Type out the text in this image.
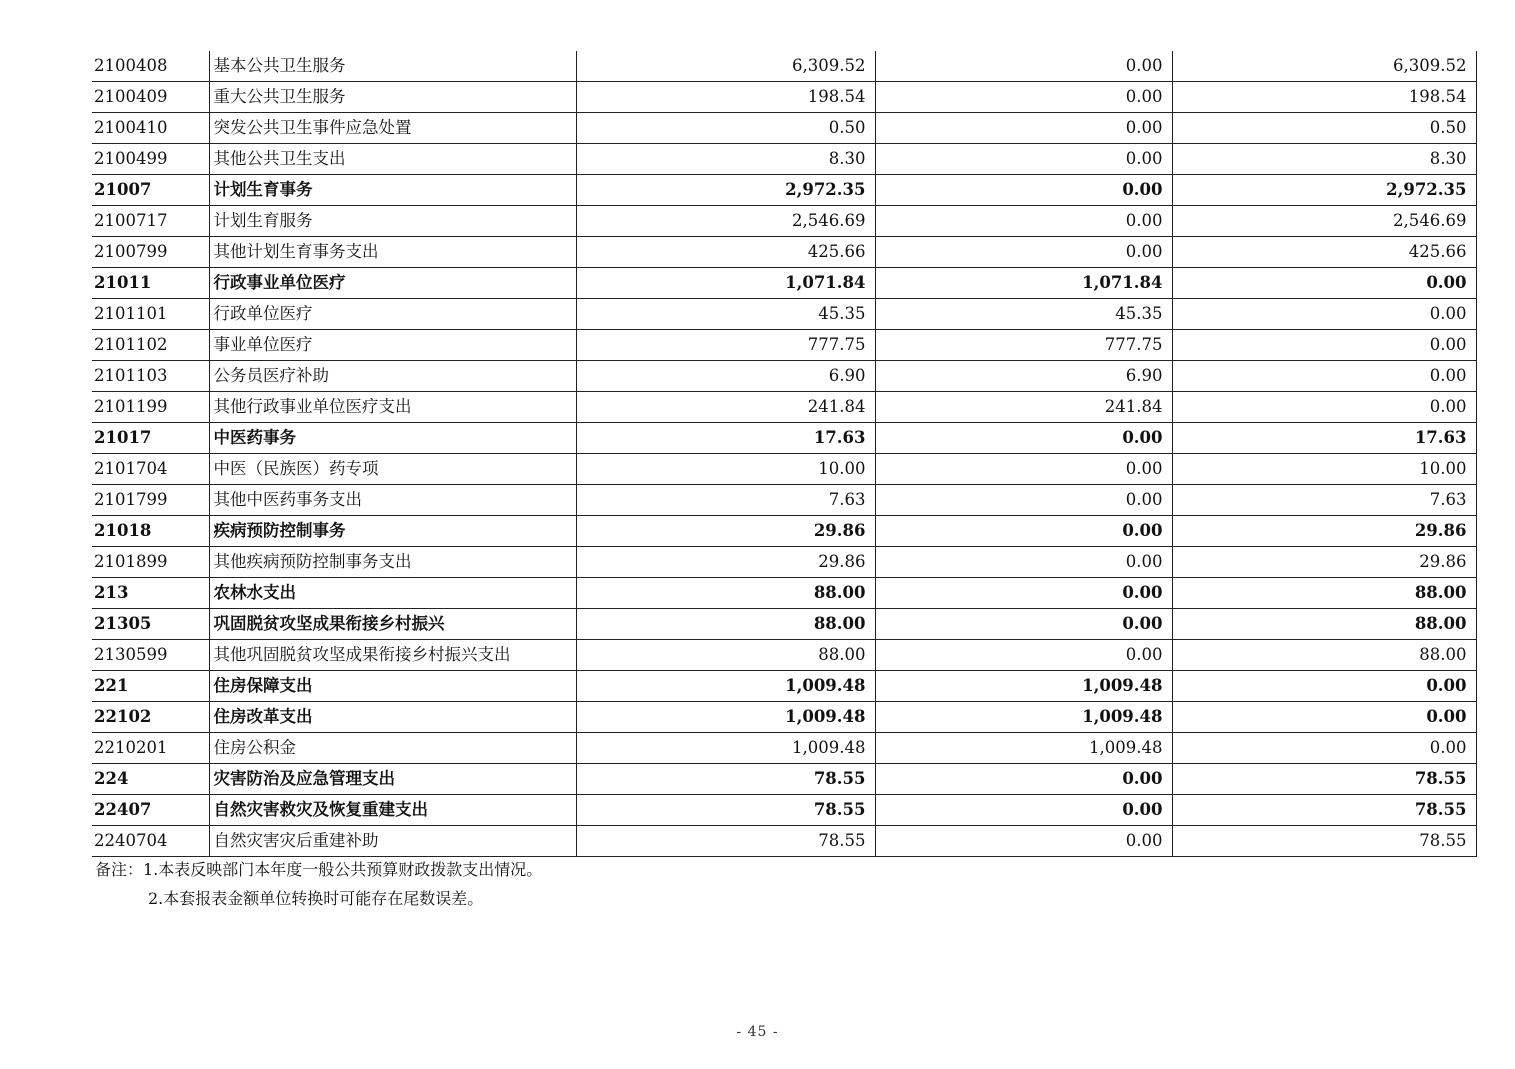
2100408	基本公共卫生服务	6,309.52	0.00	6,309.52
2100409	重大公共卫生服务	198.54	0.00	198.54
2100410	突发公共卫生事件应急处置	0.50	0.00	0.50
2100499	其他公共卫生支出	8.30	0.00	8.30
21007	计划生育事务	2,972.35	0.00	2,972.35
2100717	计划生育服务	2,546.69	0.00	2,546.69
2100799	其他计划生育事务支出	425.66	0.00	425.66
21011	行政事业单位医疗	1,071.84	1,071.84	0.00
2101101	行政单位医疗	45.35	45.35	0.00
2101102	事业单位医疗	777.75	777.75	0.00
2101103	公务员医疗补助	6.90	6.90	0.00
2101199	其他行政事业单位医疗支出	241.84	241.84	0.00
21017	中医药事务	17.63	0.00	17.63
2101704	中医（民族医）药专项	10.00	0.00	10.00
2101799	其他中医药事务支出	7.63	0.00	7.63
21018	疾病预防控制事务	29.86	0.00	29.86
2101899	其他疾病预防控制事务支出	29.86	0.00	29.86
213	农林水支出	88.00	0.00	88.00
21305	巩固脱贫攻坚成果衔接乡村振兴	88.00	0.00	88.00
2130599	其他巩固脱贫攻坚成果衔接乡村振兴支出	88.00	0.00	88.00
221	住房保障支出	1,009.48	1,009.48	0.00
22102	住房改革支出	1,009.48	1,009.48	0.00
2210201	住房公积金	1,009.48	1,009.48	0.00
224	灾害防治及应急管理支出	78.55	0.00	78.55
22407	自然灾害救灾及恢复重建支出	78.55	0.00	78.55
2240704	自然灾害灾后重建补助	78.55	0.00	78.55
备注：1.本表反映部门本年度一般公共预算财政拨款支出情况。
2.本套报表金额单位转换时可能存在尾数误差。
- 45 -
